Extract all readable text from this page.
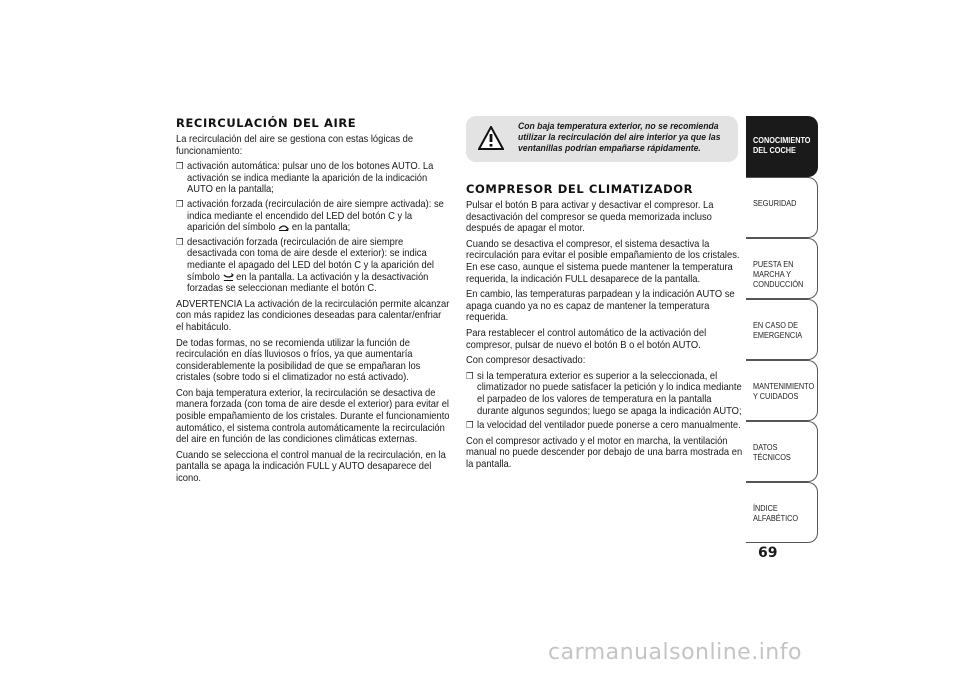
RECIRCULACIÓN DEL AIRE

La recirculación del aire se gestiona con estas lógicas de funcionamiento:

❒ activación automática: pulsar uno de los botones AUTO. La activación se indica mediante la aparición de la indicación AUTO en la pantalla;
❒ activación forzada (recirculación de aire siempre activada): se indica mediante el encendido del LED del botón C y la aparición del símbolo  en la pantalla;
❒ desactivación forzada (recirculación de aire siempre desactivada con toma de aire desde el exterior): se indica mediante el apagado del LED del botón C y la aparición del símbolo  en la pantalla. La activación y la desactivación forzadas se seleccionan mediante el botón C.

ADVERTENCIA La activación de la recirculación permite alcanzar con más rapidez las condiciones deseadas para calentar/enfriar el habitáculo.

De todas formas, no se recomienda utilizar la función de recirculación en días lluviosos o fríos, ya que aumentaría considerablemente la posibilidad de que se empañaran los cristales (sobre todo si el climatizador no está activado).

Con baja temperatura exterior, la recirculación se desactiva de manera forzada (con toma de aire desde el exterior) para evitar el posible empañamiento de los cristales. Durante el funcionamiento automático, el sistema controla automáticamente la recirculación del aire en función de las condiciones climáticas externas.

Cuando se selecciona el control manual de la recirculación, en la pantalla se apaga la indicación FULL y AUTO desaparece del icono.

Con baja temperatura exterior, no se recomienda utilizar la recirculación del aire interior ya que las ventanillas podrían empañarse rápidamente.
COMPRESOR DEL CLIMATIZADOR

Pulsar el botón B para activar y desactivar el compresor. La desactivación del compresor se queda memorizada incluso después de apagar el motor.

Cuando se desactiva el compresor, el sistema desactiva la recirculación para evitar el posible empañamiento de los cristales. En ese caso, aunque el sistema puede mantener la temperatura requerida, la indicación FULL desaparece de la pantalla.

En cambio, las temperaturas parpadean y la indicación AUTO se apaga cuando ya no es capaz de mantener la temperatura requerida.

Para restablecer el control automático de la activación del compresor, pulsar de nuevo el botón B o el botón AUTO.

Con compresor desactivado:

❒ si la temperatura exterior es superior a la seleccionada, el climatizador no puede satisfacer la petición y lo indica mediante el parpadeo de los valores de temperatura en la pantalla durante algunos segundos; luego se apaga la indicación AUTO;
❒ la velocidad del ventilador puede ponerse a cero manualmente.

Con el compresor activado y el motor en marcha, la ventilación manual no puede descender por debajo de una barra mostrada en la pantalla.

CONOCIMIENTO DEL COCHE
SEGURIDAD
PUESTA EN MARCHA Y CONDUCCIÓN
EN CASO DE EMERGENCIA
MANTENIMIENTO Y CUIDADOS
DATOS TÉCNICOS
ÍNDICE ALFABÉTICO
69
carmanualsonline.info
